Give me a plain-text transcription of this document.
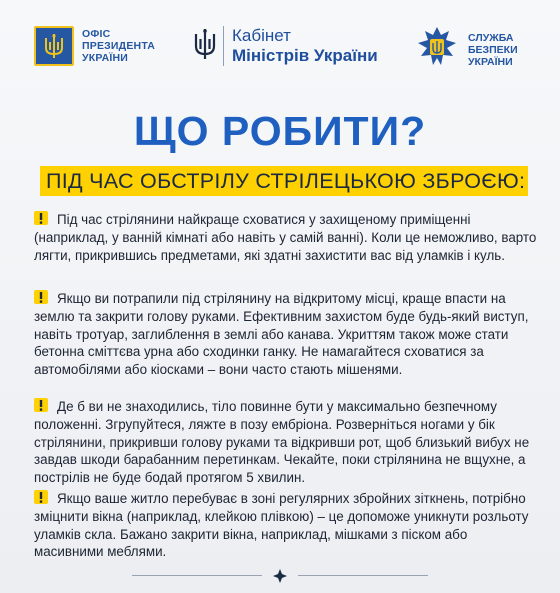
ОФІС
ПРЕЗИДЕНТА
УКРАЇНИ
Кабінет
Міністрів України
СЛУЖБА
БЕЗПЕКИ
УКРАЇНИ
ЩО РОБИТИ?
ПІД ЧАС ОБСТРІЛУ СТРІЛЕЦЬКОЮ ЗБРОЄЮ:

Під час стрілянини найкраще сховатися у захищеному приміщенні (наприклад, у ванній кімнаті або навіть у самій ванні). Коли це неможливо, варто лягти, прикрившись предметами, які здатні захистити вас від уламків і куль.

Якщо ви потрапили під стрілянину на відкритому місці, краще впасти на землю та закрити голову руками. Ефективним захистом буде будь-який виступ, навіть тротуар, заглиблення в землі або канава. Укриттям також може стати бетонна сміттєва урна або сходинки ганку. Не намагайтеся сховатися за автомобілями або кіосками – вони часто стають мішенями.

Де б ви не знаходились, тіло повинне бути у максимально безпечному положенні. Згрупуйтеся, ляжте в позу ембріона. Розверніться ногами у бік стрілянини, прикривши голову руками та відкривши рот, щоб близький вибух не завдав шкоди барабанним перетинкам. Чекайте, поки стрілянина не вщухне, а пострілів не буде бодай протягом 5 хвилин.

Якщо ваше житло перебуває в зоні регулярних збройних зіткнень, потрібно зміцнити вікна (наприклад, клейкою плівкою) – це допоможе уникнути розльоту уламків скла. Бажано закрити вікна, наприклад, мішками з піском або масивними меблями.
